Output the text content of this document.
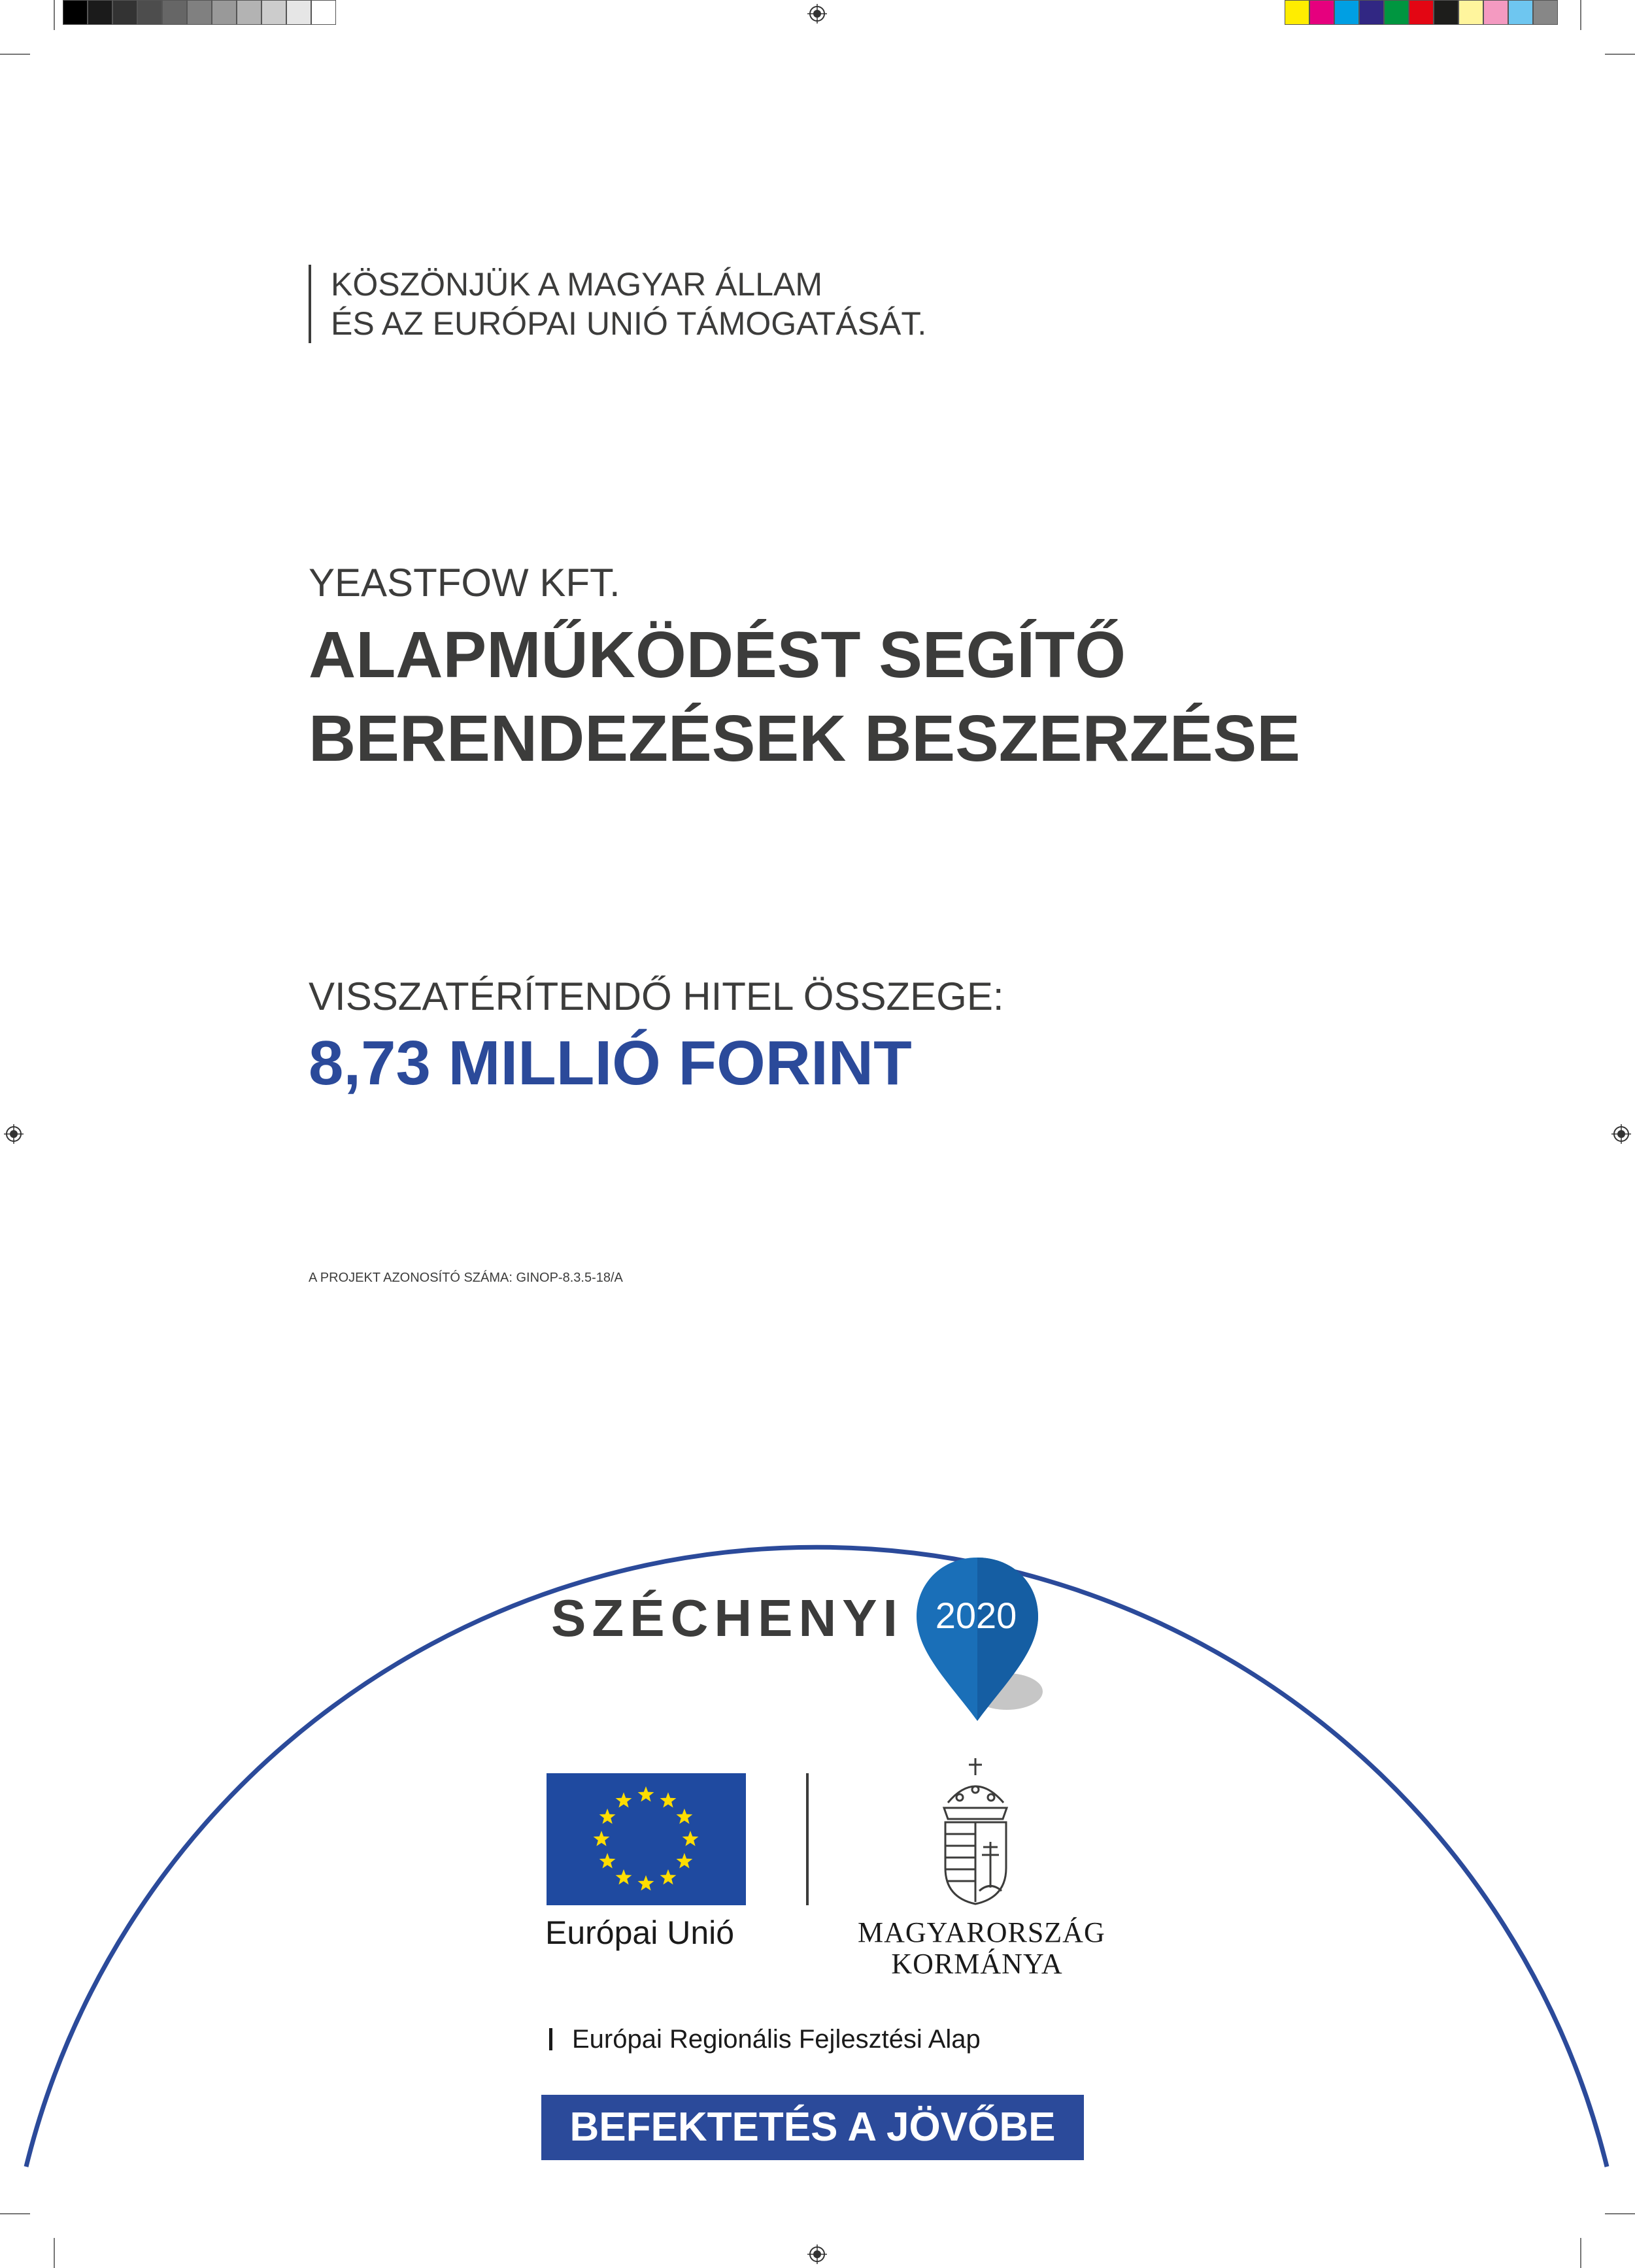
KÖSZÖNJÜK A MAGYAR ÁLLAM
ÉS AZ EURÓPAI UNIÓ TÁMOGATÁSÁT.
YEASTFOW KFT.
ALAPMŰKÖDÉST SEGÍTŐ
BERENDEZÉSEK BESZERZÉSE
VISSZATÉRÍTENDŐ HITEL ÖSSZEGE:
8,73 MILLIÓ FORINT
A PROJEKT AZONOSÍTÓ SZÁMA: GINOP-8.3.5-18/A
SZÉCHENYI 2020
Európai Unió	MAGYARORSZÁG
KORMÁNYA
Európai Regionális Fejlesztési Alap
BEFEKTETÉS A JÖVŐBE
